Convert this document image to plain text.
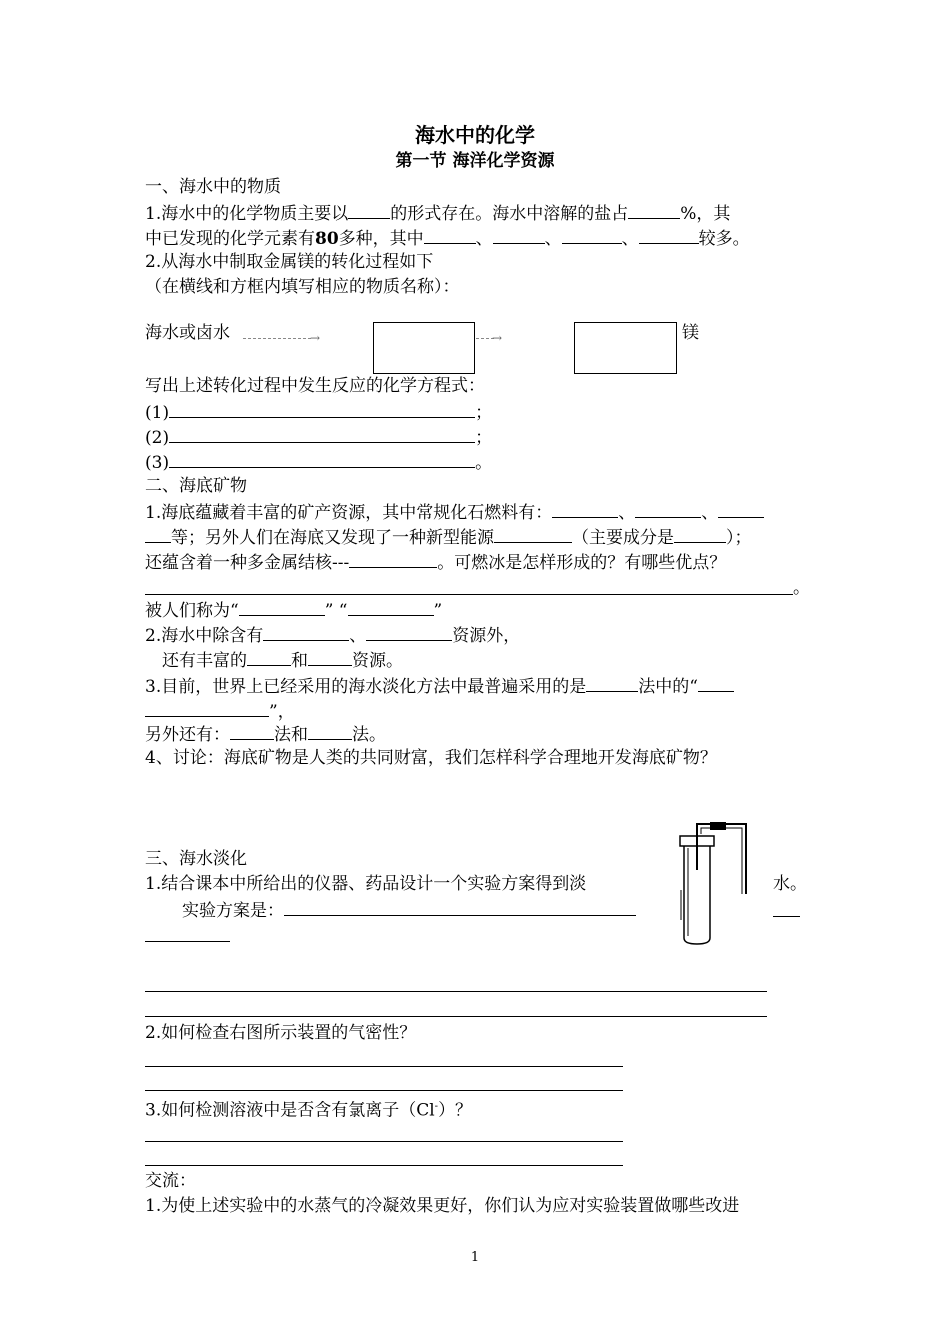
海水中的化学
第一节 海洋化学资源
一、海水中的物质
1.海水中的化学物质主要以 的形式存在。海水中溶解的盐占	%，其
中已发现的化学元素有80多种，其中	、	、	、	较多。
2.从海水中制取金属镁的转化过程如下
（在横线和方框内填写相应的物质名称）：
海水或卤水	→	→	镁
写出上述转化过程中发生反应的化学方程式：
(1)	；
(2)	；
(3)	。
二、海底矿物
1.海底蕴藏着丰富的矿产资源，其中常规化石燃料有：	、	、
等；另外人们在海底又发现了一种新型能源	（主要成分是	）；
还蕴含着一种多金属结核---	。可燃冰是怎样形成的？有哪些优点？
。
被人们称为“	” “	”
2.海水中除含有	、	资源外，
还有丰富的	和	资源。
3.目前，世界上已经采用的海水淡化方法中最普遍采用的是	法中的“
”，
另外还有：	法和	法。
4、讨论：海底矿物是人类的共同财富，我们怎样科学合理地开发海底矿物？
三、海水淡化
1.结合课本中所给出的仪器、药品设计一个实验方案得到淡	水。
实验方案是：
2.如何检查右图所示装置的气密性？
3.如何检测溶液中是否含有氯离子（Cl-）？
交流：
1.为使上述实验中的水蒸气的冷凝效果更好，你们认为应对实验装置做哪些改进
1
